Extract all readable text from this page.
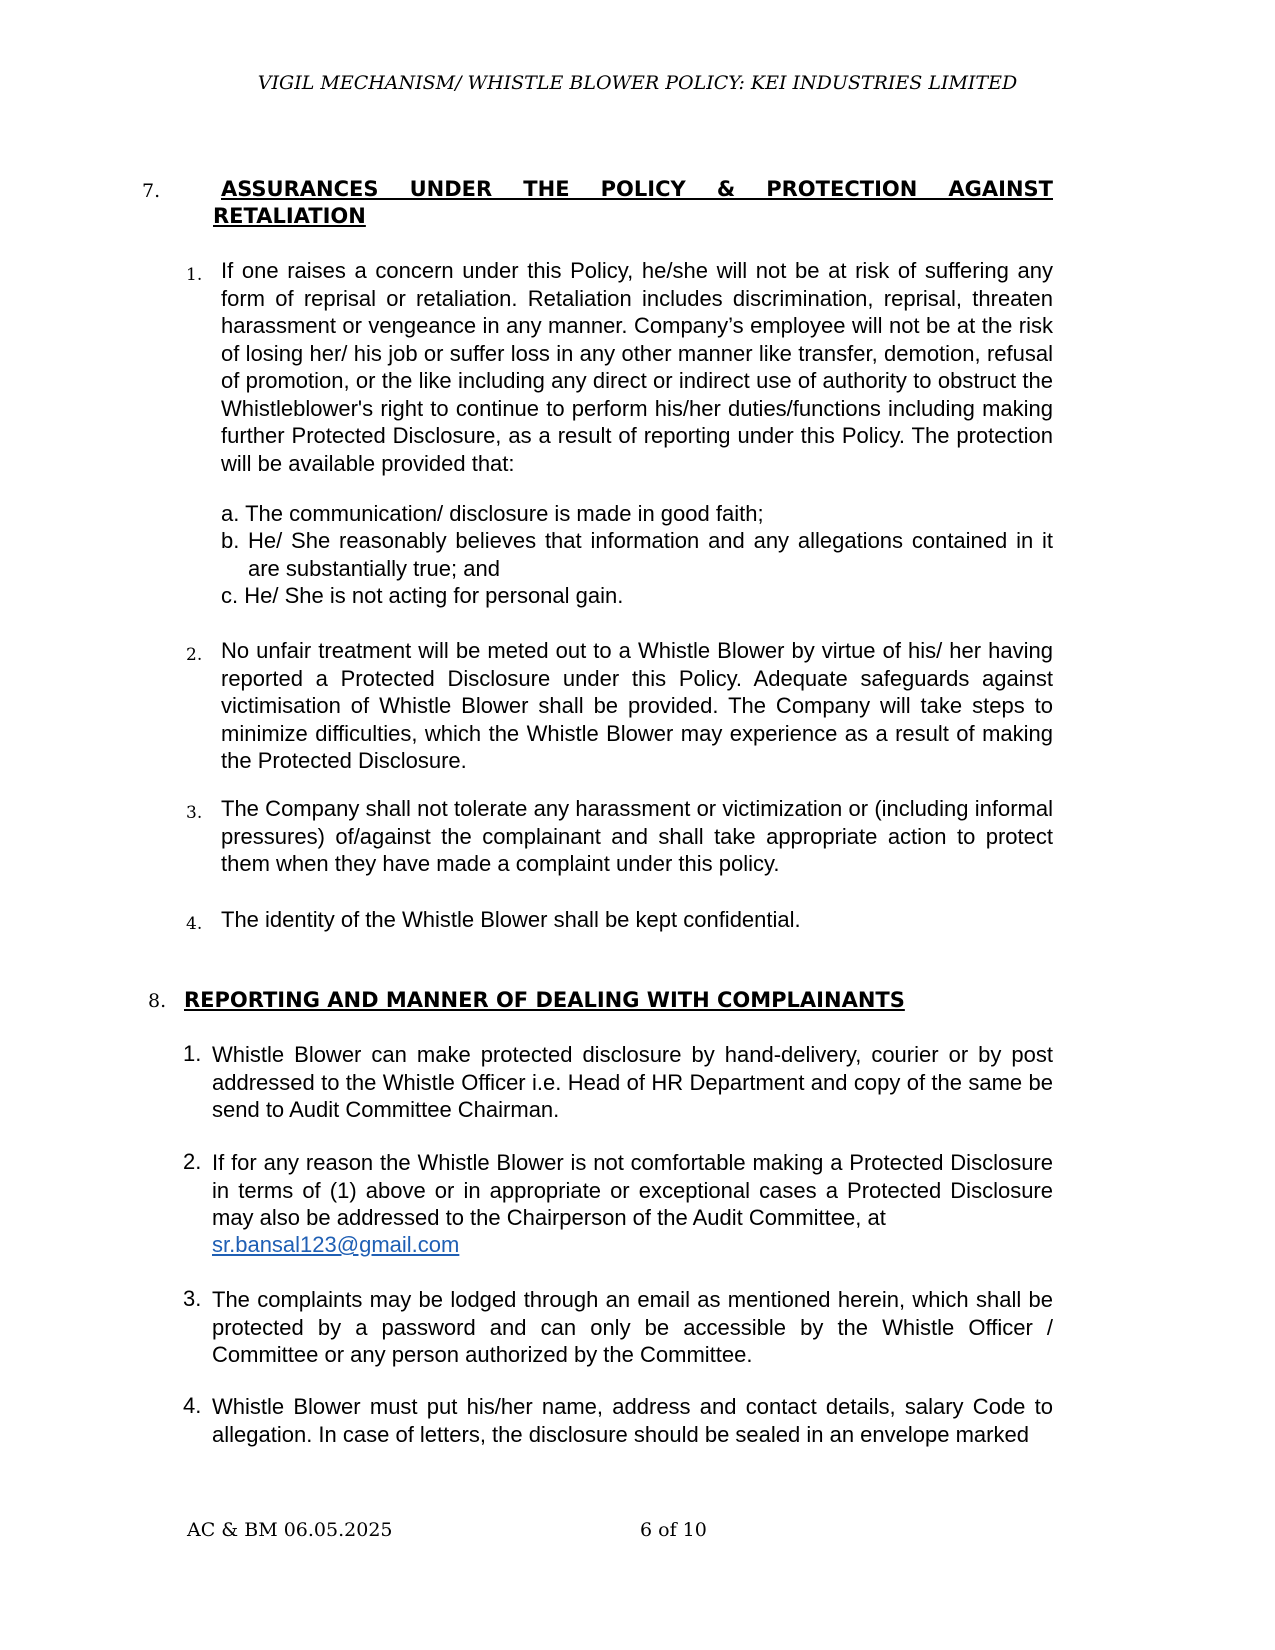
VIGIL MECHANISM/ WHISTLE BLOWER POLICY: KEI INDUSTRIES LIMITED
7.	ASSURANCES UNDER THE POLICY & PROTECTION AGAINST
RETALIATION
1. If one raises a concern under this Policy, he/she will not be at risk of suffering any form of reprisal or retaliation. Retaliation includes discrimination, reprisal, threaten harassment or vengeance in any manner. Company’s employee will not be at the risk of losing her/ his job or suffer loss in any other manner like transfer, demotion, refusal of promotion, or the like including any direct or indirect use of authority to obstruct the Whistleblower's right to continue to perform his/her duties/functions including making further Protected Disclosure, as a result of reporting under this Policy. The protection will be available provided that:

a. The communication/ disclosure is made in good faith;
b. He/ She reasonably believes that information and any allegations contained in it are substantially true; and

c. He/ She is not acting for personal gain.
2. No unfair treatment will be meted out to a Whistle Blower by virtue of his/ her having reported a Protected Disclosure under this Policy. Adequate safeguards against victimisation of Whistle Blower shall be provided. The Company will take steps to minimize difficulties, which the Whistle Blower may experience as a result of making the Protected Disclosure.

3. The Company shall not tolerate any harassment or victimization or (including informal pressures) of/against the complainant and shall take appropriate action to protect them when they have made a complaint under this policy.

4. The identity of the Whistle Blower shall be kept confidential.

8. REPORTING AND MANNER OF DEALING WITH COMPLAINANTS
1. Whistle Blower can make protected disclosure by hand-delivery, courier or by post addressed to the Whistle Officer i.e. Head of HR Department and copy of the same be send to Audit Committee Chairman.

2. If for any reason the Whistle Blower is not comfortable making a Protected Disclosure in terms of (1) above or in appropriate or exceptional cases a Protected Disclosure may also be addressed to the Chairperson of the Audit Committee, at

sr.bansal123@gmail.com
3. The complaints may be lodged through an email as mentioned herein, which shall be protected by a password and can only be accessible by the Whistle Officer / Committee or any person authorized by the Committee.

4. Whistle Blower must put his/her name, address and contact details, salary Code to allegation. In case of letters, the disclosure should be sealed in an envelope marked

AC & BM 06.05.2025	6 of 10
